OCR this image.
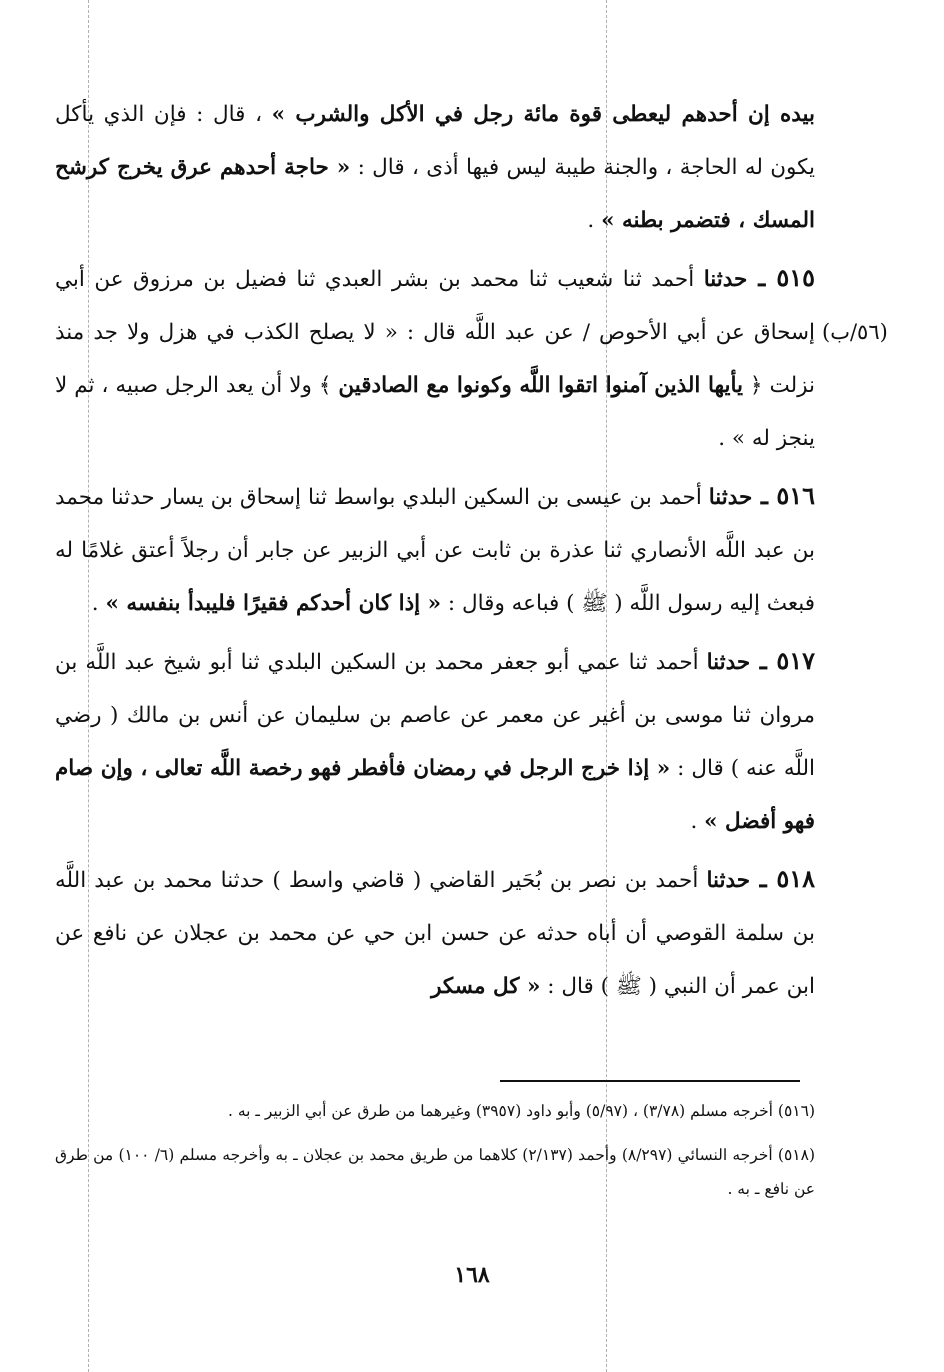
(٥٦/ب)

بيده إن أحدهم ليعطى قوة مائة رجل في الأكل والشرب » ، قال : فإن الذي يأكل يكون له الحاجة ، والجنة طيبة ليس فيها أذى ، قال : « حاجة أحدهم عرق يخرج كرشح المسك ، فتضمر بطنه » .

٥١٥ ـ حدثنا أحمد ثنا شعيب ثنا محمد بن بشر العبدي ثنا فضيل بن مرزوق عن أبي إسحاق عن أبي الأحوص / عن عبد اللَّه قال : « لا يصلح الكذب في هزل ولا جد منذ نزلت ﴿ يأيها الذين آمنوا اتقوا اللَّه وكونوا مع الصادقين ﴾ ولا أن يعد الرجل صبيه ، ثم لا ينجز له » .

٥١٦ ـ حدثنا أحمد بن عيسى بن السكين البلدي بواسط ثنا إسحاق بن يسار حدثنا محمد بن عبد اللَّه الأنصاري ثنا عذرة بن ثابت عن أبي الزبير عن جابر أن رجلاً أعتق غلامًا له فبعث إليه رسول اللَّه ( ﷺ ) فباعه وقال : « إذا كان أحدكم فقيرًا فليبدأ بنفسه » .

٥١٧ ـ حدثنا أحمد ثنا عمي أبو جعفر محمد بن السكين البلدي ثنا أبو شيخ عبد اللَّه بن مروان ثنا موسى بن أغير عن معمر عن عاصم بن سليمان عن أنس بن مالك ( رضي اللَّه عنه ) قال : « إذا خرج الرجل في رمضان فأفطر فهو رخصة اللَّه تعالى ، وإن صام فهو أفضل » .

٥١٨ ـ حدثنا أحمد بن نصر بن بُحَير القاضي ( قاضي واسط ) حدثنا محمد بن عبد اللَّه بن سلمة القوصي أن أباه حدثه عن حسن ابن حي عن محمد بن عجلان عن نافع عن ابن عمر أن النبي ( ﷺ ) قال : « كل مسكر

(٥١٦) أخرجه مسلم (٣/٧٨) ، (٥/٩٧) وأبو داود (٣٩٥٧) وغيرهما من طرق عن أبي الزبير ـ به .

(٥١٨) أخرجه النسائي (٨/٢٩٧) وأحمد (٢/١٣٧) كلاهما من طريق محمد بن عجلان ـ به وأخرجه مسلم (٦/ ١٠٠) من طرق عن نافع ـ به .

١٦٨
